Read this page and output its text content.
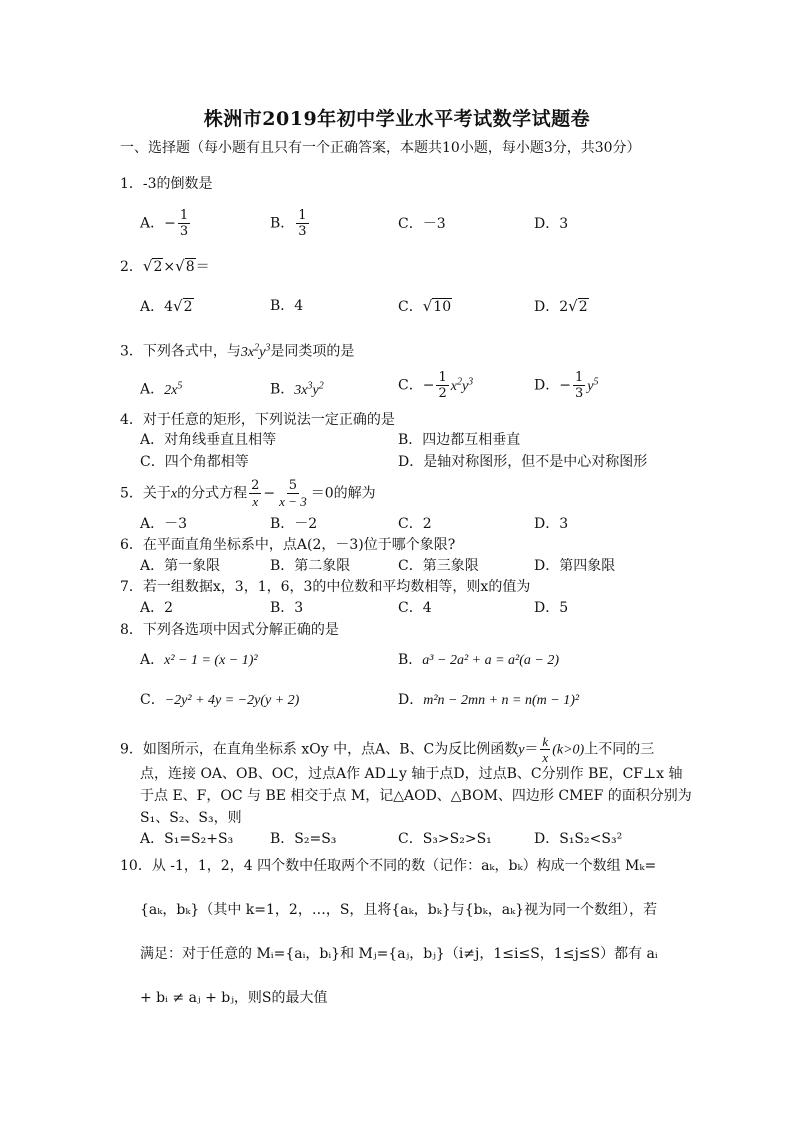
株洲市2019年初中学业水平考试数学试题卷
一、选择题（每小题有且只有一个正确答案，本题共10小题，每小题3分，共30分）
1．-3的倒数是
A．− $\frac{1}{3}$	B． $\frac{1}{3}$	C．－3	D．3
2．√2×√8＝
A．4√2	B．4	C．√10	D．2√2
3．下列各式中，与$3x^2y^3$是同类项的是
A．$2x^5$	B．$3x^3y^2$	C．− $\frac{1}{2} x^2y^3$	D．− $\frac{1}{3} y^5$
4．对于任意的矩形，下列说法一定正确的是
A．对角线垂直且相等	B．四边都互相垂直
C．四个角都相等	D．是轴对称图形，但不是中心对称图形
5．关于x的分式方程 $\frac{2}{x} - \frac{5}{x - 3} =0$的解为
A．－3	B．－2	C．2	D．3
6．在平面直角坐标系中，点A(2，－3)位于哪个象限?
A．第一象限	B．第二象限	C．第三象限	D．第四象限
7．若一组数据x，3，1，6，3的中位数和平均数相等，则x的值为
A．2	B．3	C．4	D．5
8．下列各选项中因式分解正确的是
A．x² − 1 = (x − 1)²	B．a³ − 2a² + a = a²(a − 2)
C．−2y² + 4y = −2y(y + 2)	D．m²n − 2mn + n = n(m − 1)²
9．如图所示，在直角坐标系 xOy 中，点A、B、C为反比例函数$y= \frac{k}{x} (k>0)$上不同的三
点，连接 OA、OB、OC，过点A作 AD⊥y 轴于点D，过点B、C分别作 BE，CF⊥x 轴
于点 E、F，OC 与 BE 相交于点 M，记△AOD、△BOM、四边形 CMEF 的面积分别为
S₁、S₂、S₃，则
A．S₁=S₂+S₃	B．S₂=S₃	C．S₃>S₂>S₁	D．S₁S₂<S₃²
10．从 -1，1，2，4 四个数中任取两个不同的数（记作：aₖ，bₖ）构成一个数组 Mₖ=
{aₖ，bₖ}（其中 k=1，2，…，S，且将{aₖ，bₖ}与{bₖ，aₖ}视为同一个数组），若
满足：对于任意的 Mᵢ={aᵢ，bᵢ}和 Mⱼ={aⱼ，bⱼ}（i≠j，1≤i≤S，1≤j≤S）都有 aᵢ
+ bᵢ ≠ aⱼ + bⱼ，则S的最大值
